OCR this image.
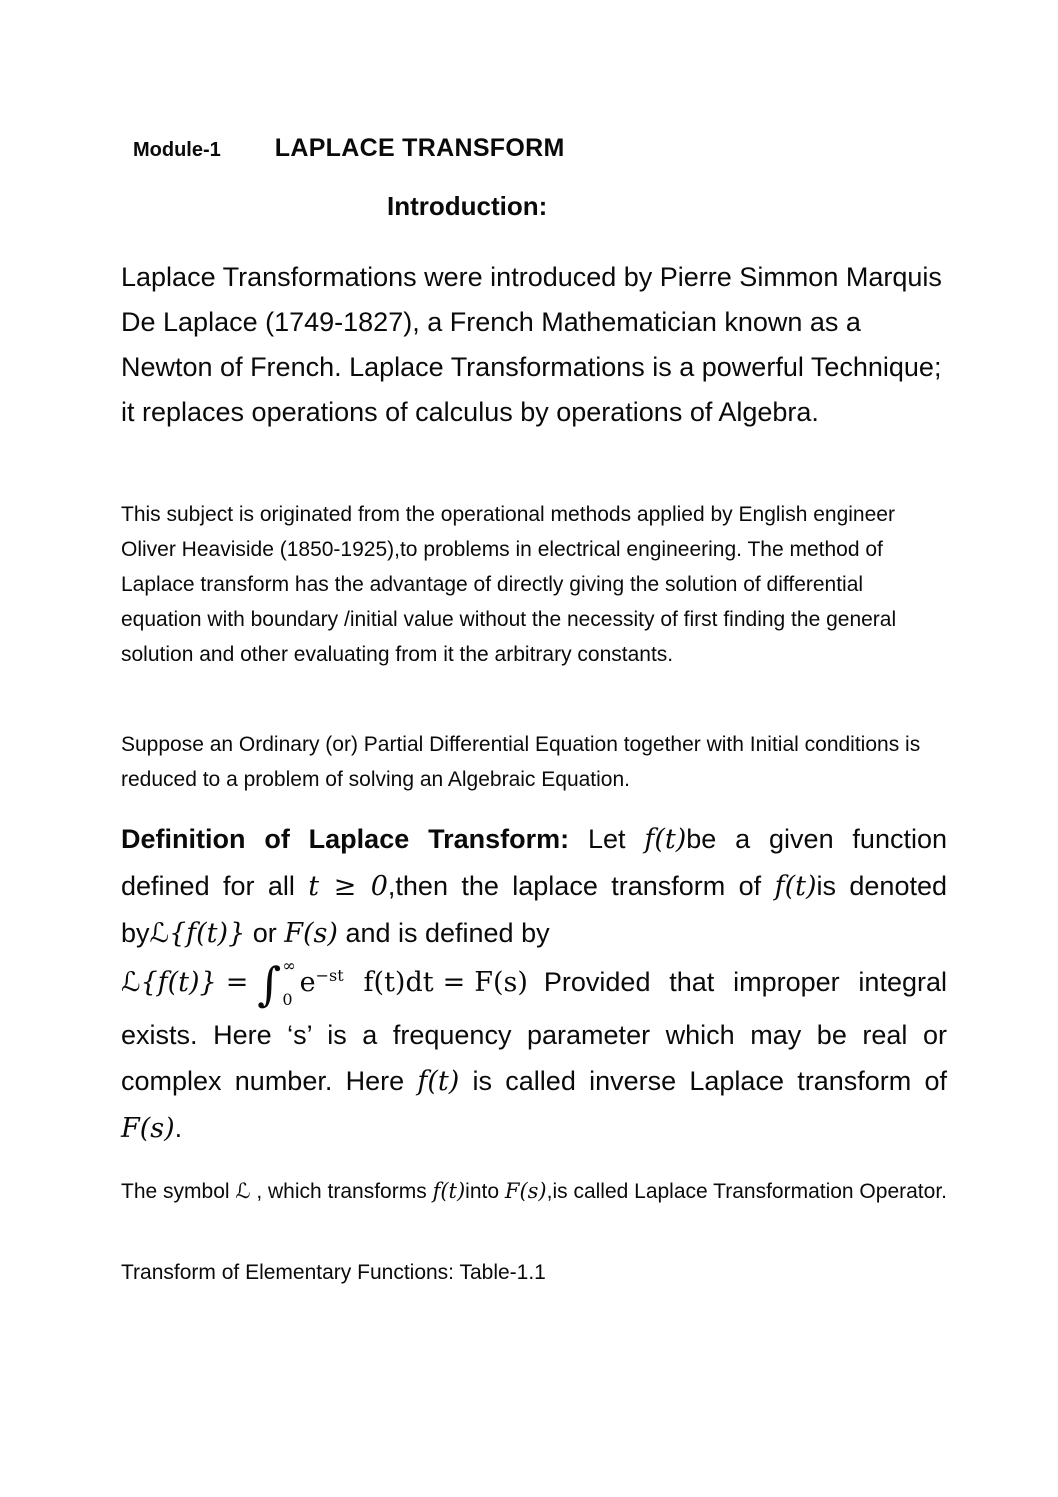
Module-1 LAPLACE TRANSFORM
Introduction:

Laplace Transformations were introduced by Pierre Simmon Marquis De Laplace (1749-1827), a French Mathematician known as a Newton of French. Laplace Transformations is a powerful Technique; it replaces operations of calculus by operations of Algebra.

This subject is originated from the operational methods applied by English engineer Oliver Heaviside (1850-1925),to problems in electrical engineering. The method of Laplace transform has the advantage of directly giving the solution of differential equation with boundary /initial value without the necessity of first finding the general solution and other evaluating from it the arbitrary constants.

Suppose an Ordinary (or) Partial Differential Equation together with Initial conditions is reduced to a problem of solving an Algebraic Equation.

Definition of Laplace Transform: Let f(t)be a given function defined for all t ≥ 0,then the laplace transform of f(t)is denoted byℒ{f(t)} or F(s) and is defined by

ℒ{f(t)} = ∫ ∞
0
$e^{-st}$ f(t)dt = F(s) Provided that improper integral exists. Here ‘s’ is a frequency parameter which may be real or complex number. Here f(t) is called inverse Laplace transform of F(s).

The symbol ℒ , which transforms f(t)into F(s),is called Laplace Transformation Operator.

Transform of Elementary Functions: Table-1.1
